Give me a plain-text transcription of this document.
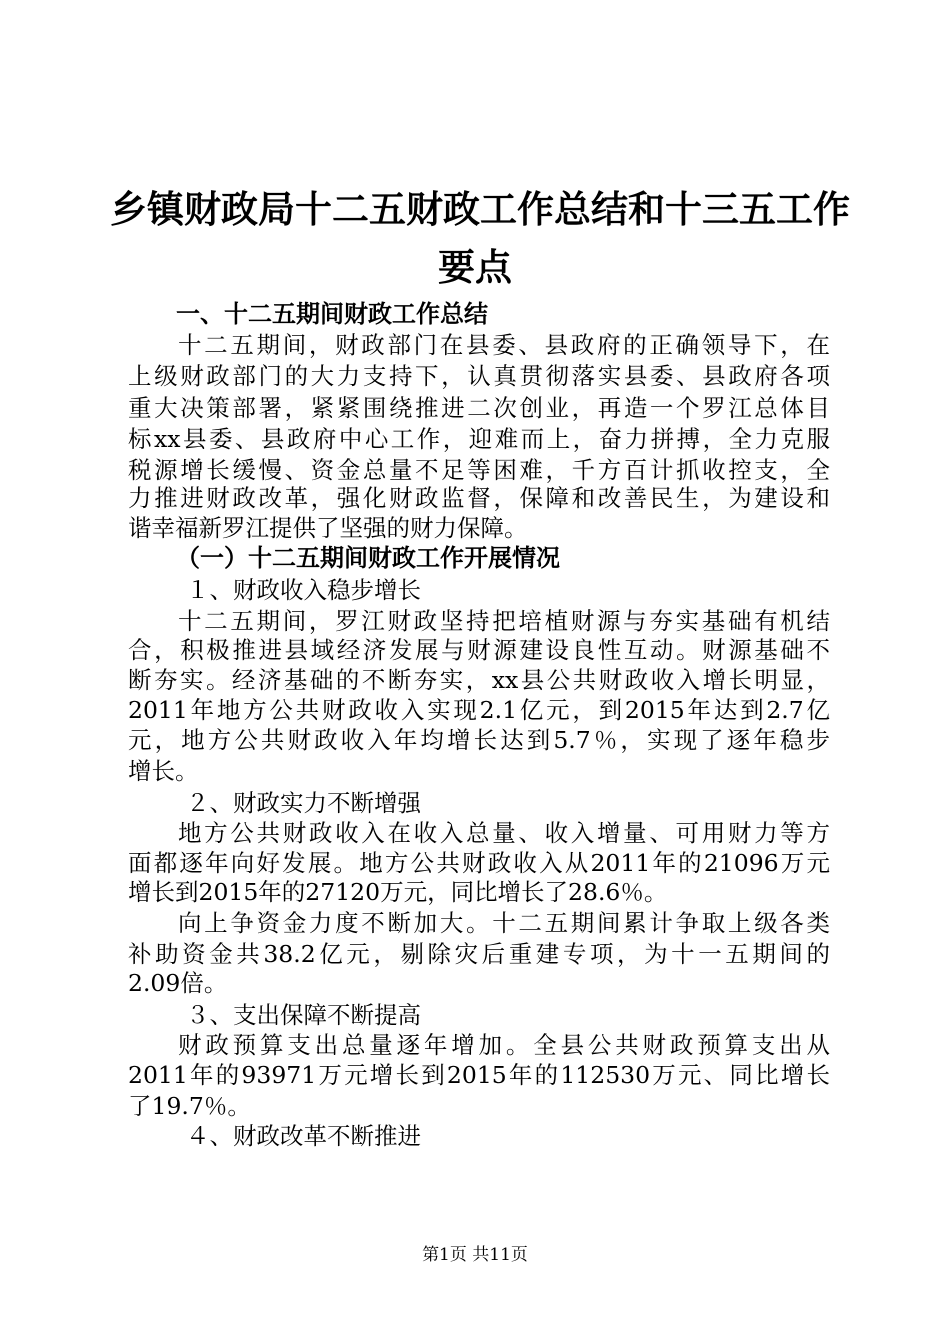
乡镇财政局十二五财政工作总结和十三五工作
要点
一、十二五期间财政工作总结
十二五期间，财政部门在县委、县政府的正确领导下，在
上级财政部门的大力支持下，认真贯彻落实县委、县政府各项
重大决策部署，紧紧围绕推进二次创业，再造一个罗江总体目
标xx县委、县政府中心工作，迎难而上，奋力拼搏，全力克服
税源增长缓慢、资金总量不足等困难，千方百计抓收控支，全
力推进财政改革，强化财政监督，保障和改善民生，为建设和
谐幸福新罗江提供了坚强的财力保障。
（一）十二五期间财政工作开展情况
１、财政收入稳步增长
十二五期间，罗江财政坚持把培植财源与夯实基础有机结
合，积极推进县域经济发展与财源建设良性互动。财源基础不
断夯实。经济基础的不断夯实，xx县公共财政收入增长明显，
2011年地方公共财政收入实现2.1亿元，到2015年达到2.7亿
元，地方公共财政收入年均增长达到5.7％，实现了逐年稳步
增长。
２、财政实力不断增强
地方公共财政收入在收入总量、收入增量、可用财力等方
面都逐年向好发展。地方公共财政收入从2011年的21096万元
增长到2015年的27120万元，同比增长了28.6％。
向上争资金力度不断加大。十二五期间累计争取上级各类
补助资金共38.2亿元，剔除灾后重建专项，为十一五期间的
2.09倍。
３、支出保障不断提高
财政预算支出总量逐年增加。全县公共财政预算支出从
2011年的93971万元增长到2015年的112530万元、同比增长
了19.7％。
４、财政改革不断推进
第1页 共11页
